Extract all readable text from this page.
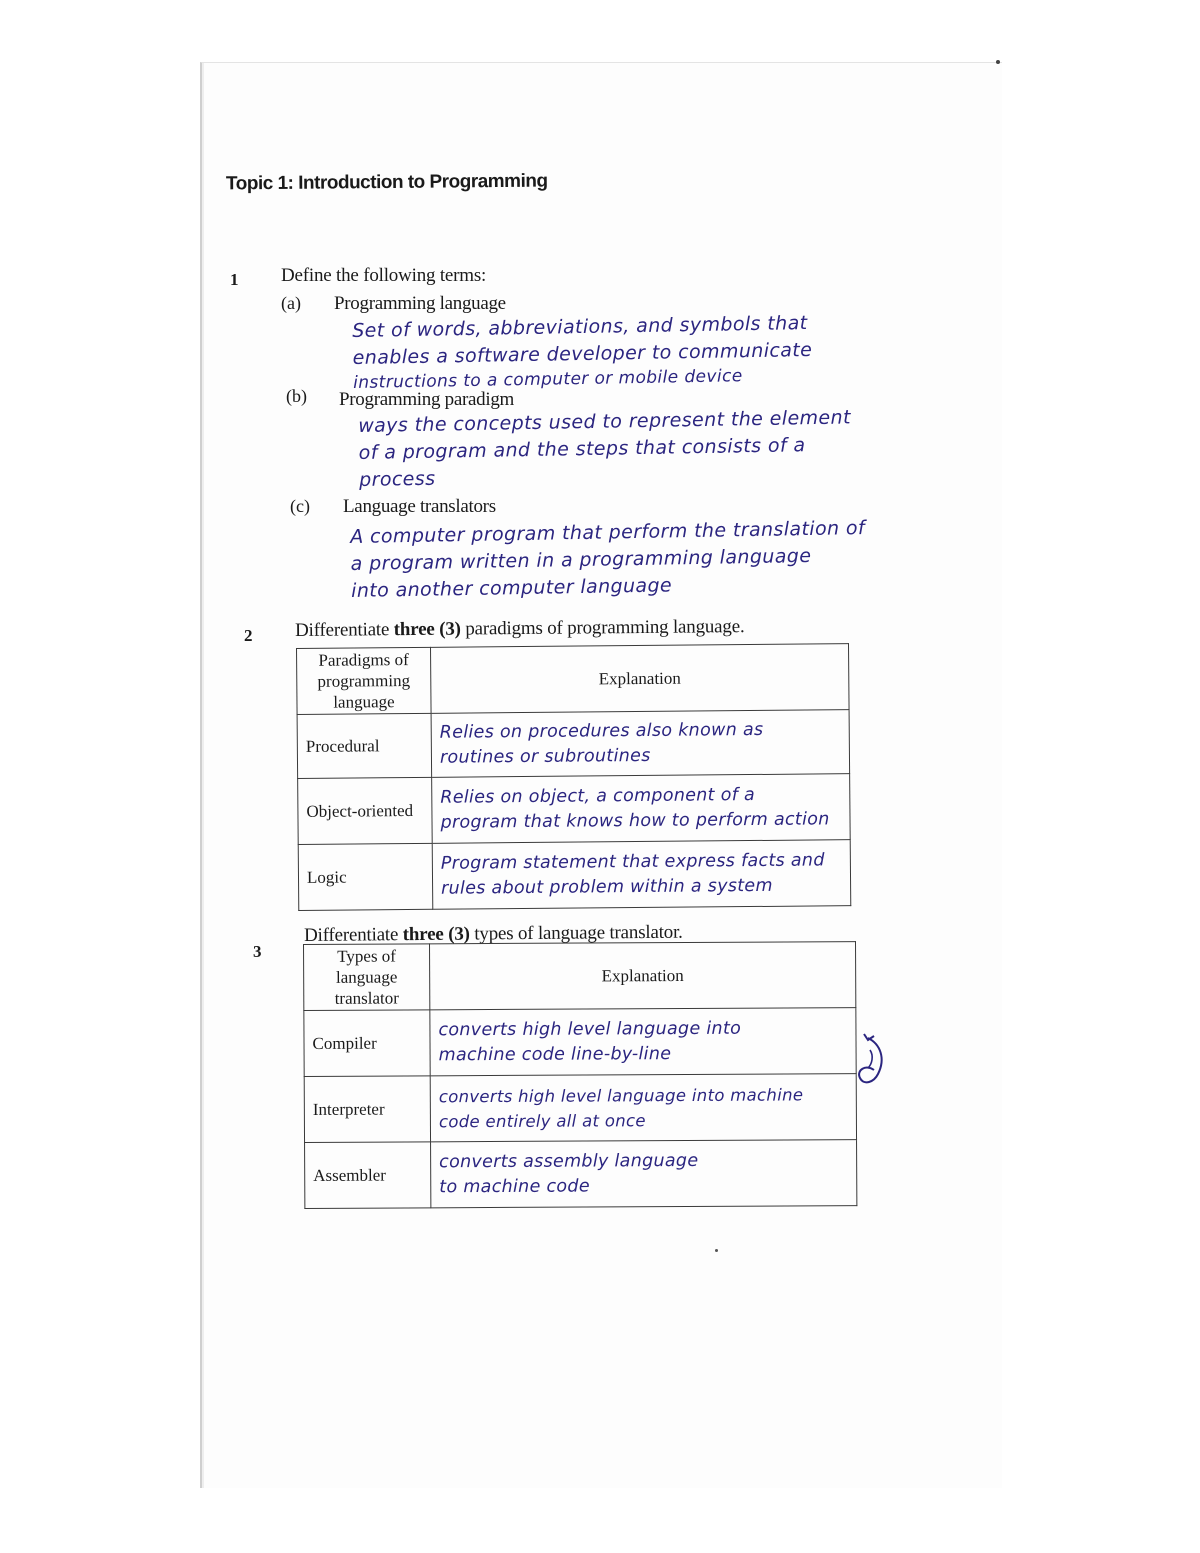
Topic 1: Introduction to Programming
1 Define the following terms:
(a) Programming language
Set of words, abbreviations, and symbols that
enables a software developer to communicate
instructions to a computer or mobile device
(b) Programming paradigm
ways the concepts used to represent the element
of a program and the steps that consists of a
process
(c) Language translators
A computer program that perform the translation of
a program written in a programming language
into another computer language
2 Differentiate three (3) paradigms of programming language.
Paradigms of
programming
language	Explanation
Procedural	Relies on procedures also known as
routines or subroutines

Object-oriented	Relies on object, a component of a
program that knows how to perform action

Logic	Program statement that express facts and
rules about problem within a system
3
Differentiate three (3) types of language translator.
Types of
language
translator	Explanation
Compiler	converts high level language into
machine code line-by-line

Interpreter	converts high level language into machine
code entirely all at once

Assembler	converts assembly language
to machine code
